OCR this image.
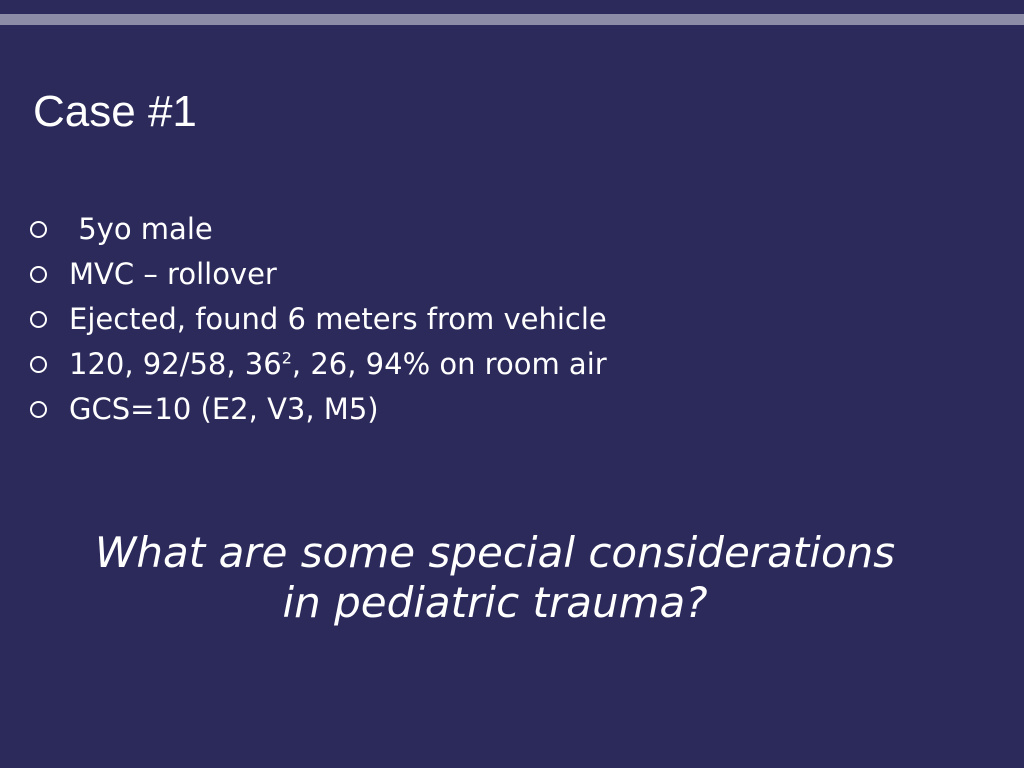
Case #1
5yo male
MVC – rollover
Ejected, found 6 meters from vehicle
120, 92/58, $36^2$, 26, 94% on room air
GCS=10 (E2, V3, M5)
What are some special considerations
in pediatric trauma?
